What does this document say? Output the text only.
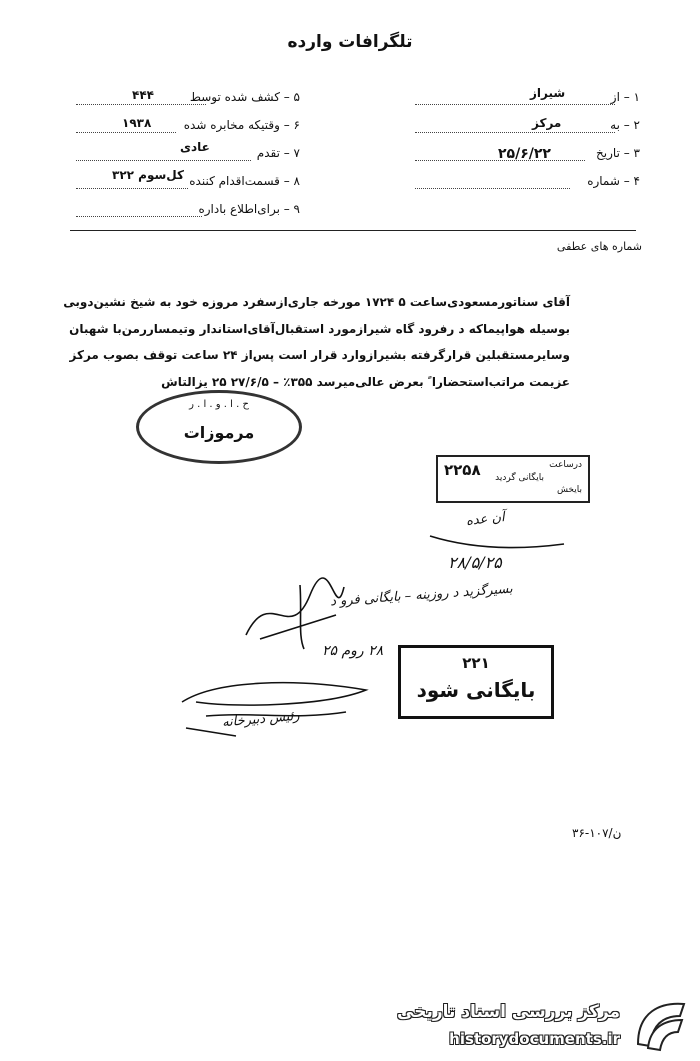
تلگرافات وارده
۱ – از
شیراز
۲ – به
مرکز
۳ – تاریخ
۲۵/۶/۲۲
۴ – شماره
۵ – کشف شده توسط
۴۴۴
۶ – وقتیکه مخابره شده
۱۹۳۸
۷ – تقدم
عادی
۸ – قسمت‌اقدام کننده
کل‌سوم ۳۲۲
۹ – برای‌اطلاع باداره
شماره های عطفی
آقای سناتورمسعودی‌ساعت ۵ ۱۷۲۴ مورخه جاری‌ازسفرد مروزه خود به شیخ نشین‌دوبی
بوسیله هواپیماکه د رفرود گاه شیرازمورد استقبال‌آقای‌استاندار وتیمسار‌رمن‌با شهبان
وسایرمستقبلین قرارگرفته بشیرازوارد قرار است پس‌از ۲۴ ساعت توقف بصوب مرکز
عزیمت مراتب‌استحضارا ً بعرض عالی‌میرسد ۳۵۵٪ – ۲۷/۶/۵ ۲۵ یزالتاش
ح . ا . و . ا . ر
مرموزات
درساعت
بایگانی گردید
بایخش
۲۲۵۸
آن عده
۲۸/۵/۲۵
بسیرگزید د روزینه – بایگانی فرو د
۲۸ روم ۲۵
رئیس دبیرخانه
۲۲۱
بایگانی شود
۳۶-۱۰۷/ن
مرکز بررسی اسناد تاریخی
historydocuments.ir
